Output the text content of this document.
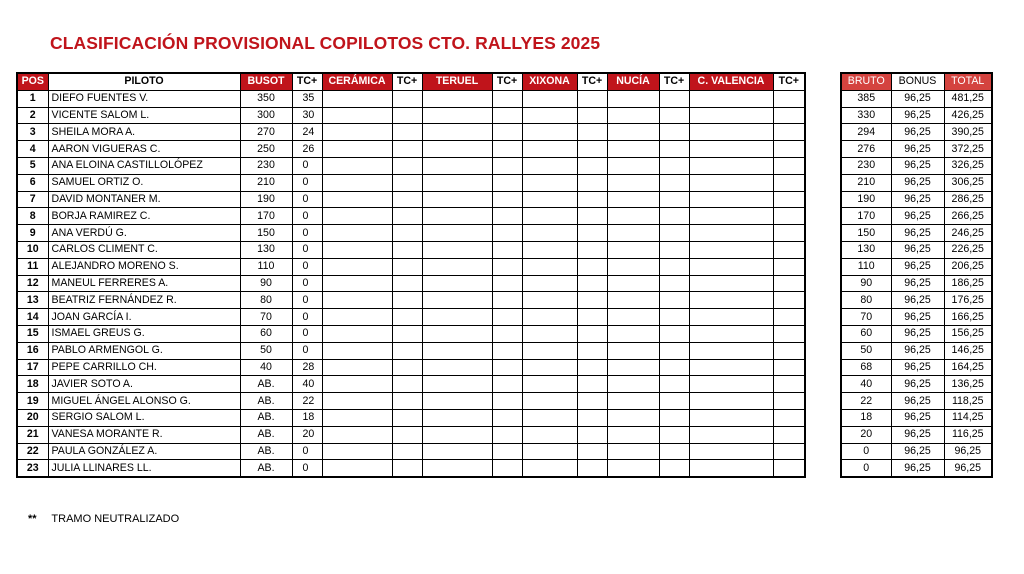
CLASIFICACIÓN PROVISIONAL COPILOTOS CTO. RALLYES 2025
POS	PILOTO	BUSOT	TC+	CERÁMICA	TC+	TERUEL	TC+	XIXONA	TC+	NUCÍA	TC+	C. VALENCIA	TC+
1	DIEFO FUENTES V.	350	35										
2	VICENTE SALOM L.	300	30										
3	SHEILA MORA A.	270	24										
4	AARON VIGUERAS C.	250	26										
5	ANA ELOINA CASTILLOLÓPEZ	230	0										
6	SAMUEL ORTIZ O.	210	0										
7	DAVID MONTANER M.	190	0										
8	BORJA RAMIREZ C.	170	0										
9	ANA VERDÚ G.	150	0										
10	CARLOS CLIMENT C.	130	0										
11	ALEJANDRO MORENO S.	110	0										
12	MANEUL FERRERES A.	90	0										
13	BEATRIZ FERNÁNDEZ R.	80	0										
14	JOAN GARCÍA I.	70	0										
15	ISMAEL GREUS G.	60	0										
16	PABLO ARMENGOL G.	50	0										
17	PEPE CARRILLO CH.	40	28										
18	JAVIER SOTO A.	AB.	40										
19	MIGUEL ÁNGEL ALONSO G.	AB.	22										
20	SERGIO SALOM L.	AB.	18										
21	VANESA MORANTE R.	AB.	20										
22	PAULA GONZÁLEZ A.	AB.	0										
23	JULIA LLINARES LL.	AB.	0										
BRUTO	BONUS	TOTAL
385	96,25	481,25
330	96,25	426,25
294	96,25	390,25
276	96,25	372,25
230	96,25	326,25
210	96,25	306,25
190	96,25	286,25
170	96,25	266,25
150	96,25	246,25
130	96,25	226,25
110	96,25	206,25
90	96,25	186,25
80	96,25	176,25
70	96,25	166,25
60	96,25	156,25
50	96,25	146,25
68	96,25	164,25
40	96,25	136,25
22	96,25	118,25
18	96,25	114,25
20	96,25	116,25
0	96,25	96,25
0	96,25	96,25
** TRAMO NEUTRALIZADO
